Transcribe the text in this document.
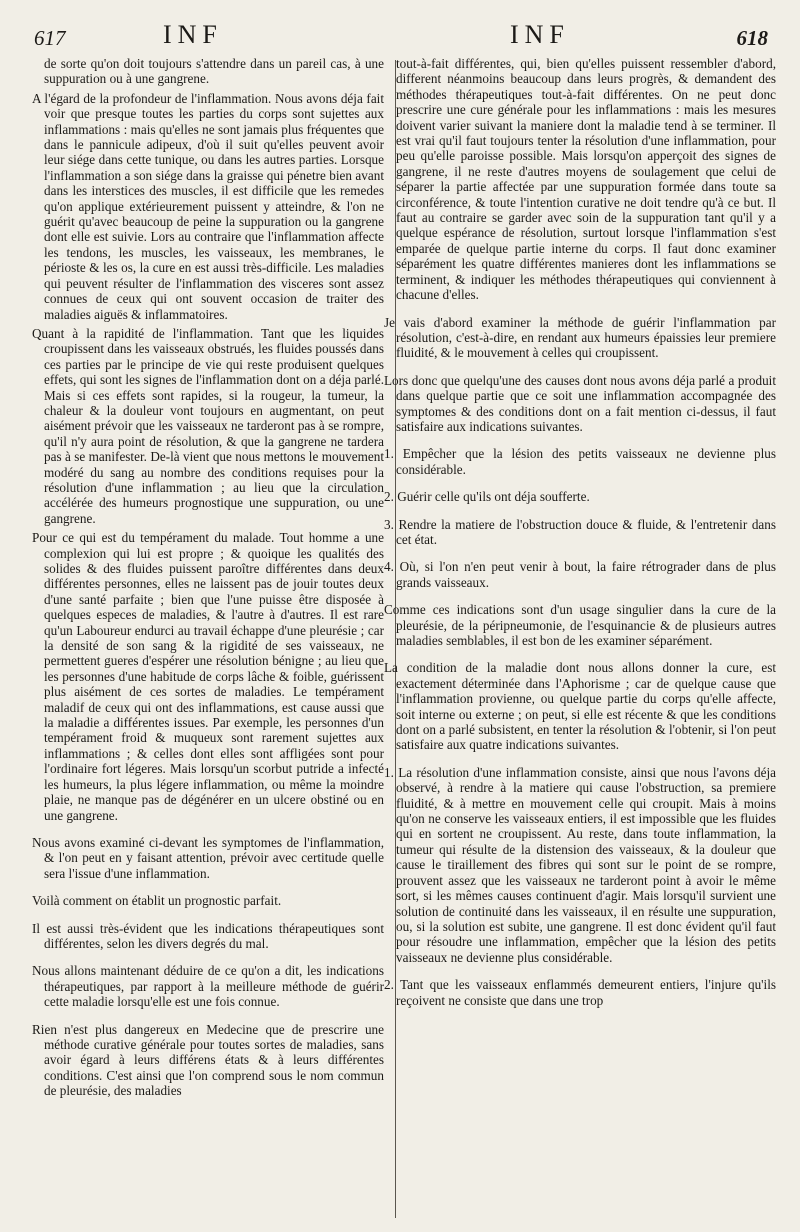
617	INF	INF	618

de sorte qu'on doit toujours s'attendre dans un pareil cas, à une suppuration ou à une gangrene.

A l'égard de la profondeur de l'inflammation. Nous avons déja fait voir que presque toutes les parties du corps sont sujettes aux inflammations : mais qu'elles ne sont jamais plus fréquentes que dans le pannicule adipeux, d'où il suit qu'elles peuvent avoir leur siége dans cette tunique, ou dans les autres parties. Lorsque l'inflammation a son siége dans la graisse qui pénetre bien avant dans les interstices des muscles, il est difficile que les remedes qu'on applique extérieurement puissent y atteindre, & l'on ne guérit qu'avec beaucoup de peine la suppuration ou la gangrene dont elle est suivie. Lors au contraire que l'inflammation affecte les tendons, les muscles, les vaisseaux, les membranes, le périoste & les os, la cure en est aussi très-difficile. Les maladies qui peuvent résulter de l'inflammation des visceres sont assez connues de ceux qui ont souvent occasion de traiter des maladies aiguës & inflammatoires.

Quant à la rapidité de l'inflammation. Tant que les liquides croupissent dans les vaisseaux obstrués, les fluides poussés dans ces parties par le principe de vie qui reste produisent quelques effets, qui sont les signes de l'inflammation dont on a déja parlé. Mais si ces effets sont rapides, si la rougeur, la tumeur, la chaleur & la douleur vont toujours en augmentant, on peut aisément prévoir que les vaisseaux ne tarderont pas à se rompre, qu'il n'y aura point de résolution, & que la gangrene ne tardera pas à se manifester. De-là vient que nous mettons le mouvement modéré du sang au nombre des conditions requises pour la résolution d'une inflammation ; au lieu que la circulation accélérée des humeurs prognostique une suppuration, ou une gangrene.

Pour ce qui est du tempérament du malade. Tout homme a une complexion qui lui est propre ; & quoique les qualités des solides & des fluides puissent paroître différentes dans deux différentes personnes, elles ne laissent pas de jouir toutes deux d'une santé parfaite ; bien que l'une puisse être disposée à quelques especes de maladies, & l'autre à d'autres. Il est rare qu'un Laboureur endurci au travail échappe d'une pleurésie ; car la densité de son sang & la rigidité de ses vaisseaux, ne permettent gueres d'espérer une résolution bénigne ; au lieu que les personnes d'une habitude de corps lâche & foible, guérissent plus aisément de ces sortes de maladies. Le tempérament maladif de ceux qui ont des inflammations, est cause aussi que la maladie a différentes issues. Par exemple, les personnes d'un tempérament froid & muqueux sont rarement sujettes aux inflammations ; & celles dont elles sont affligées sont pour l'ordinaire fort légeres. Mais lorsqu'un scorbut putride a infecté les humeurs, la plus légere inflammation, ou même la moindre plaie, ne manque pas de dégénérer en un ulcere obstiné ou en une gangrene.

Nous avons examiné ci-devant les symptomes de l'inflammation, & l'on peut en y faisant attention, prévoir avec certitude quelle sera l'issue d'une inflammation.

Voilà comment on établit un prognostic parfait.

Il est aussi très-évident que les indications thérapeutiques sont différentes, selon les divers degrés du mal.

Nous allons maintenant déduire de ce qu'on a dit, les indications thérapeutiques, par rapport à la meilleure méthode de guérir cette maladie lorsqu'elle est une fois connue.

Rien n'est plus dangereux en Medecine que de prescrire une méthode curative générale pour toutes sortes de maladies, sans avoir égard à leurs différens états & à leurs différentes conditions. C'est ainsi que l'on comprend sous le nom commun de pleurésie, des maladies

tout-à-fait différentes, qui, bien qu'elles puissent ressembler d'abord, different néanmoins beaucoup dans leurs progrès, & demandent des méthodes thérapeutiques tout-à-fait différentes. On ne peut donc prescrire une cure générale pour les inflammations : mais les mesures doivent varier suivant la maniere dont la maladie tend à se terminer. Il est vrai qu'il faut toujours tenter la résolution d'une inflammation, pour peu qu'elle paroisse possible. Mais lorsqu'on apperçoit des signes de gangrene, il ne reste d'autres moyens de soulagement que celui de séparer la partie affectée par une suppuration formée dans toute sa circonférence, & toute l'intention curative ne doit tendre qu'à ce but. Il faut au contraire se garder avec soin de la suppuration tant qu'il y a quelque espérance de résolution, surtout lorsque l'inflammation s'est emparée de quelque partie interne du corps. Il faut donc examiner séparément les quatre différentes manieres dont les inflammations se terminent, & indiquer les méthodes thérapeutiques qui conviennent à chacune d'elles.

Je vais d'abord examiner la méthode de guérir l'inflammation par résolution, c'est-à-dire, en rendant aux humeurs épaissies leur premiere fluidité, & le mouvement à celles qui croupissent.

Lors donc que quelqu'une des causes dont nous avons déja parlé a produit dans quelque partie que ce soit une inflammation accompagnée des symptomes & des conditions dont on a fait mention ci-dessus, il faut satisfaire aux indications suivantes.

1. Empêcher que la lésion des petits vaisseaux ne devienne plus considérable.

2. Guérir celle qu'ils ont déja soufferte.

3. Rendre la matiere de l'obstruction douce & fluide, & l'entretenir dans cet état.

4. Où, si l'on n'en peut venir à bout, la faire rétrograder dans de plus grands vaisseaux.

Comme ces indications sont d'un usage singulier dans la cure de la pleurésie, de la péripneumonie, de l'esquinancie & de plusieurs autres maladies semblables, il est bon de les examiner séparément.

La condition de la maladie dont nous allons donner la cure, est exactement déterminée dans l'Aphorisme ; car de quelque cause que l'inflammation provienne, ou quelque partie du corps qu'elle affecte, soit interne ou externe ; on peut, si elle est récente & que les conditions dont on a parlé subsistent, en tenter la résolution & l'obtenir, si l'on peut satisfaire aux quatre indications suivantes.

1. La résolution d'une inflammation consiste, ainsi que nous l'avons déja observé, à rendre à la matiere qui cause l'obstruction, sa premiere fluidité, & à mettre en mouvement celle qui croupit. Mais à moins qu'on ne conserve les vaisseaux entiers, il est impossible que les fluides qui en sortent ne croupissent. Au reste, dans toute inflammation, la tumeur qui résulte de la distension des vaisseaux, & la douleur que cause le tiraillement des fibres qui sont sur le point de se rompre, prouvent assez que les vaisseaux ne tarderont point à avoir le même sort, si les mêmes causes continuent d'agir. Mais lorsqu'il survient une solution de continuité dans les vaisseaux, il en résulte une suppuration, ou, si la solution est subite, une gangrene. Il est donc évident qu'il faut pour résoudre une inflammation, empêcher que la lésion des petits vaisseaux ne devienne plus considérable.

2. Tant que les vaisseaux enflammés demeurent entiers, l'injure qu'ils reçoivent ne consiste que dans une trop
